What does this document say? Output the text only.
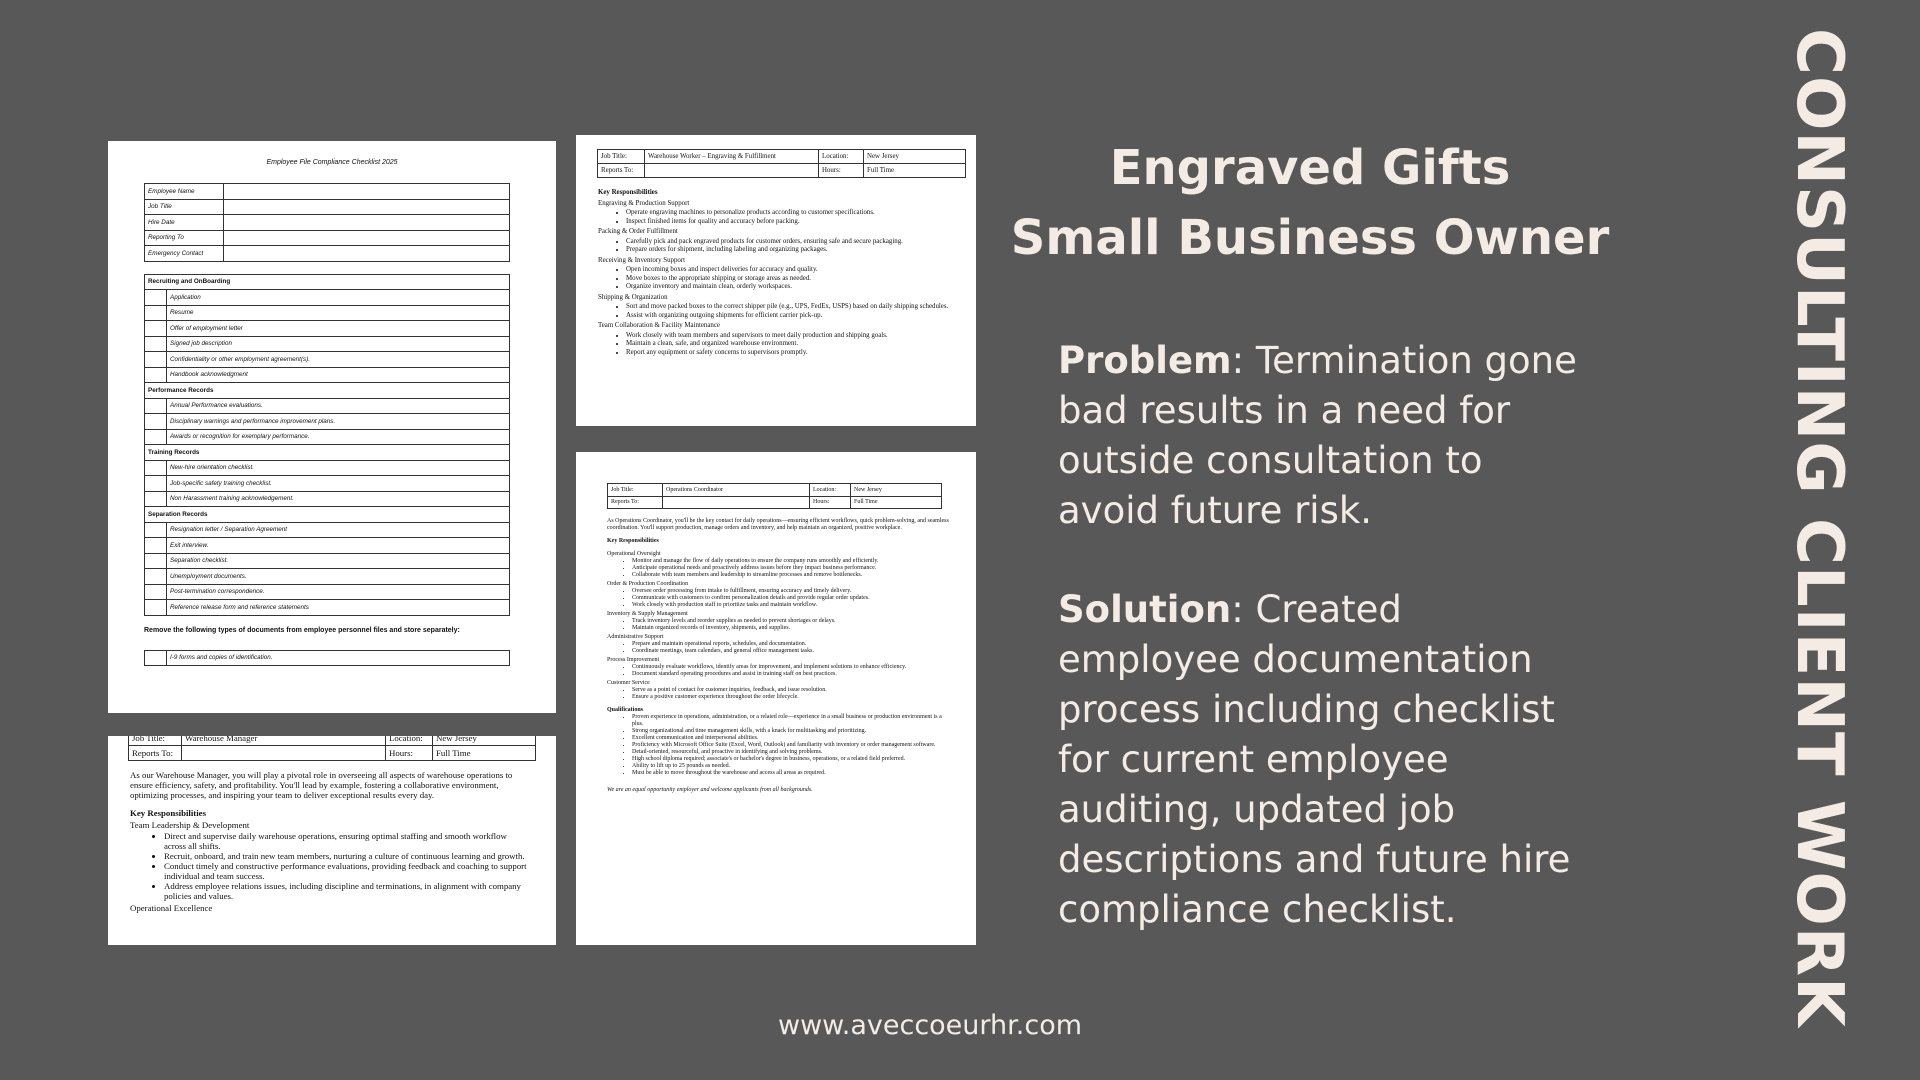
Employee File Compliance Checklist 2025
Employee Name	
Job Title	
Hire Date	
Reporting To	
Emergency Contact	
Recruiting and OnBoarding	
	Application
	Resume
	Offer of employment letter
	Signed job description
	Confidentiality or other employment agreement(s).
	Handbook acknowledgment
Performance Records	
	Annual Performance evaluations.
	Disciplinary warnings and performance improvement plans.
	Awards or recognition for exemplary performance.
Training Records	
	New-hire orientation checklist.
	Job-specific safety training checklist.
	Non Harassment training acknowledgement.
Separation Records	
	Resignation letter / Separation Agreement
	Exit interview.
	Separation checklist.
	Unemployment documents.
	Post-termination correspondence.
	Reference release form and reference statements
Remove the following types of documents from employee personnel files and store separately:
	I-9 forms and copies of identification.
Job Title:	Warehouse Worker – Engraving & Fulfillment	Location:	New Jersey
Reports To:		Hours:	Full Time
Key Responsibilities
Engraving & Production Support
• Operate engraving machines to personalize products according to customer specifications.
• Inspect finished items for quality and accuracy before packing.
Packing & Order Fulfillment
• Carefully pick and pack engraved products for customer orders, ensuring safe and secure packaging.
• Prepare orders for shipment, including labeling and organizing packages.
Receiving & Inventory Support
• Open incoming boxes and inspect deliveries for accuracy and quality.
• Move boxes to the appropriate shipping or storage areas as needed.
• Organize inventory and maintain clean, orderly workspaces.
Shipping & Organization
• Sort and move packed boxes to the correct shipper pile (e.g., UPS, FedEx, USPS) based on daily shipping schedules.
• Assist with organizing outgoing shipments for efficient carrier pick-up.
Team Collaboration & Facility Maintenance
• Work closely with team members and supervisors to meet daily production and shipping goals.
• Maintain a clean, safe, and organized warehouse environment.
• Report any equipment or safety concerns to supervisors promptly.
Job Title:	Operations Coordinator	Location:	New Jersey
Reports To:		Hours:	Full Time

As Operations Coordinator, you'll be the key contact for daily operations—ensuring efficient workflows, quick problem-solving, and seamless coordination. You'll support production, manage orders and inventory, and help maintain an organized, positive workplace.

Key Responsibilities
Operational Oversight
• Monitor and manage the flow of daily operations to ensure the company runs smoothly and efficiently.
• Anticipate operational needs and proactively address issues before they impact business performance.
• Collaborate with team members and leadership to streamline processes and remove bottlenecks.
Order & Production Coordination
• Oversee order processing from intake to fulfillment, ensuring accuracy and timely delivery.
• Communicate with customers to confirm personalization details and provide regular order updates.
• Work closely with production staff to prioritize tasks and maintain workflow.
Inventory & Supply Management
• Track inventory levels and reorder supplies as needed to prevent shortages or delays.
• Maintain organized records of inventory, shipments, and supplies.
Administrative Support
• Prepare and maintain operational reports, schedules, and documentation.
• Coordinate meetings, team calendars, and general office management tasks.
Process Improvement
• Continuously evaluate workflows, identify areas for improvement, and implement solutions to enhance efficiency.
• Document standard operating procedures and assist in training staff on best practices.
Customer Service
• Serve as a point of contact for customer inquiries, feedback, and issue resolution.
• Ensure a positive customer experience throughout the order lifecycle.
Qualifications
• Proven experience in operations, administration, or a related role—experience in a small business or production environment is a plus.
• Strong organizational and time management skills, with a knack for multitasking and prioritizing.
• Excellent communication and interpersonal abilities.
• Proficiency with Microsoft Office Suite (Excel, Word, Outlook) and familiarity with inventory or order management software.
• Detail-oriented, resourceful, and proactive in identifying and solving problems.
• High school diploma required; associate's or bachelor's degree in business, operations, or a related field preferred.
• Ability to lift up to 25 pounds as needed.
• Must be able to move throughout the warehouse and access all areas as required.

We are an equal opportunity employer and welcome applicants from all backgrounds.

Job Title:	Warehouse Manager	Location:	New Jersey
Reports To:		Hours:	Full Time

As our Warehouse Manager, you will play a pivotal role in overseeing all aspects of warehouse operations to ensure efficiency, safety, and profitability. You'll lead by example, fostering a collaborative environment, optimizing processes, and inspiring your team to deliver exceptional results every day.

Key Responsibilities
Team Leadership & Development
• Direct and supervise daily warehouse operations, ensuring optimal staffing and smooth workflow across all shifts.
• Recruit, onboard, and train new team members, nurturing a culture of continuous learning and growth.
• Conduct timely and constructive performance evaluations, providing feedback and coaching to support individual and team success.
• Address employee relations issues, including discipline and terminations, in alignment with company policies and values.
Operational Excellence
Engraved Gifts
Small Business Owner
Problem: Termination gone bad results in a need for outside consultation to avoid future risk.
Solution: Created employee documentation process including checklist for current employee auditing, updated job descriptions and future hire compliance checklist.
www.aveccoeurhr.com	CONSULTING CLIENT WORK
